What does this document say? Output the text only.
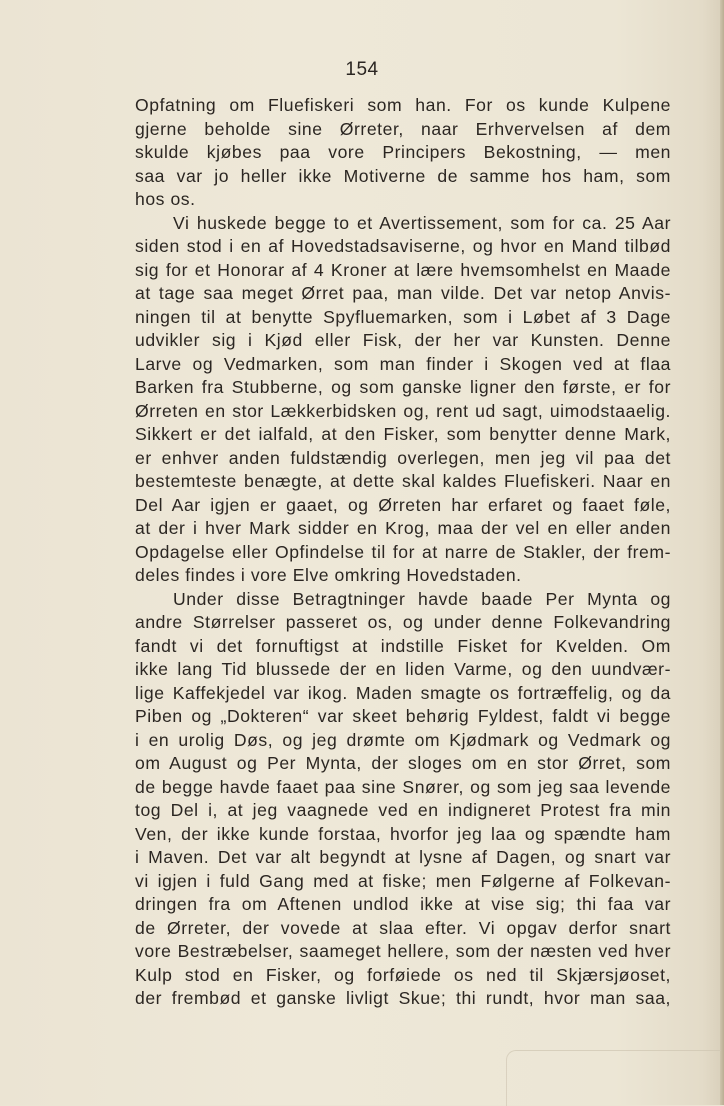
154
Opfatning om Fluefiskeri som han. For os kunde Kulpene
gjerne beholde sine Ørreter, naar Erhvervelsen af dem
skulde kjøbes paa vore Principers Bekostning, — men
saa var jo heller ikke Motiverne de samme hos ham, som
hos os.
Vi huskede begge to et Avertissement, som for ca. 25 Aar
siden stod i en af Hovedstadsaviserne, og hvor en Mand tilbød
sig for et Honorar af 4 Kroner at lære hvemsomhelst en Maade
at tage saa meget Ørret paa, man vilde. Det var netop Anvis-
ningen til at benytte Spyfluemarken, som i Løbet af 3 Dage
udvikler sig i Kjød eller Fisk, der her var Kunsten. Denne
Larve og Vedmarken, som man finder i Skogen ved at flaa
Barken fra Stubberne, og som ganske ligner den første, er for
Ørreten en stor Lækkerbidsken og, rent ud sagt, uimodstaaelig.
Sikkert er det ialfald, at den Fisker, som benytter denne Mark,
er enhver anden fuldstændig overlegen, men jeg vil paa det
bestemteste benægte, at dette skal kaldes Fluefiskeri. Naar en
Del Aar igjen er gaaet, og Ørreten har erfaret og faaet føle,
at der i hver Mark sidder en Krog, maa der vel en eller anden
Opdagelse eller Opfindelse til for at narre de Stakler, der frem-
deles findes i vore Elve omkring Hovedstaden.
Under disse Betragtninger havde baade Per Mynta og
andre Størrelser passeret os, og under denne Folkevandring
fandt vi det fornuftigst at indstille Fisket for Kvelden. Om
ikke lang Tid blussede der en liden Varme, og den uundvær-
lige Kaffekjedel var ikog. Maden smagte os fortræffelig, og da
Piben og „Dokteren“ var skeet behørig Fyldest, faldt vi begge
i en urolig Døs, og jeg drømte om Kjødmark og Vedmark og
om August og Per Mynta, der sloges om en stor Ørret, som
de begge havde faaet paa sine Snører, og som jeg saa levende
tog Del i, at jeg vaagnede ved en indigneret Protest fra min
Ven, der ikke kunde forstaa, hvorfor jeg laa og spændte ham
i Maven. Det var alt begyndt at lysne af Dagen, og snart var
vi igjen i fuld Gang med at fiske; men Følgerne af Folkevan-
dringen fra om Aftenen undlod ikke at vise sig; thi faa var
de Ørreter, der vovede at slaa efter. Vi opgav derfor snart
vore Bestræbelser, saameget hellere, som der næsten ved hver
Kulp stod en Fisker, og forføiede os ned til Skjærsjøoset,
der frembød et ganske livligt Skue; thi rundt, hvor man saa,
